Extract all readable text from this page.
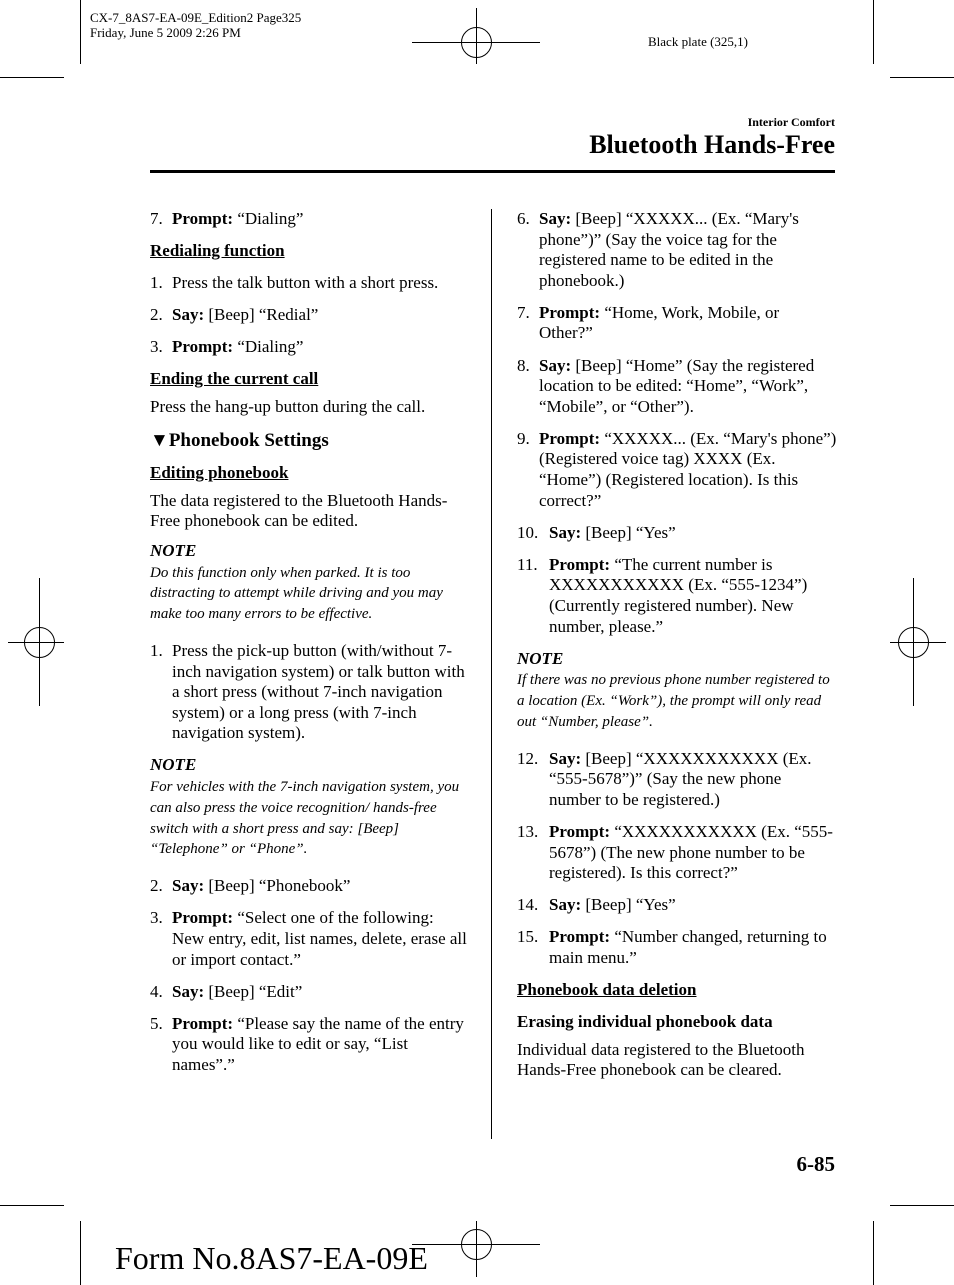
CX-7_8AS7-EA-09E_Edition2 Page325
Friday, June 5 2009 2:26 PM
Black plate (325,1)
Interior Comfort
Bluetooth Hands-Free
7. Prompt: “Dialing”
Redialing function
1. Press the talk button with a short press.
2. Say: [Beep] “Redial”
3. Prompt: “Dialing”
Ending the current call
Press the hang-up button during the call.
▼Phonebook Settings
Editing phonebook
The data registered to the Bluetooth Hands-Free phonebook can be edited.
NOTE
Do this function only when parked. It is too distracting to attempt while driving and you may make too many errors to be effective.
1. Press the pick-up button (with/without 7-inch navigation system) or talk button with a short press (without 7-inch navigation system) or a long press (with 7-inch navigation system).
NOTE
For vehicles with the 7-inch navigation system, you can also press the voice recognition/ hands-free switch with a short press and say: [Beep] “Telephone” or “Phone”.
2. Say: [Beep] “Phonebook”
3. Prompt: “Select one of the following: New entry, edit, list names, delete, erase all or import contact.”
4. Say: [Beep] “Edit”
5. Prompt: “Please say the name of the entry you would like to edit or say, “List names”.”
6. Say: [Beep] “XXXXX... (Ex. “Mary's phone”)” (Say the voice tag for the registered name to be edited in the phonebook.)
7. Prompt: “Home, Work, Mobile, or Other?”
8. Say: [Beep] “Home” (Say the registered location to be edited: “Home”, “Work”, “Mobile”, or “Other”).
9. Prompt: “XXXXX... (Ex. “Mary's phone”) (Registered voice tag) XXXX (Ex. “Home”) (Registered location). Is this correct?”
10. Say: [Beep] “Yes”
11. Prompt: “The current number is XXXXXXXXXXX (Ex. “555-1234”) (Currently registered number). New number, please.”
NOTE
If there was no previous phone number registered to a location (Ex. “Work”), the prompt will only read out “Number, please”.
12. Say: [Beep] “XXXXXXXXXXX (Ex. “555-5678”)” (Say the new phone number to be registered.)
13. Prompt: “XXXXXXXXXXX (Ex. “555-5678”) (The new phone number to be registered). Is this correct?”
14. Say: [Beep] “Yes”
15. Prompt: “Number changed, returning to main menu.”
Phonebook data deletion
Erasing individual phonebook data
Individual data registered to the Bluetooth Hands-Free phonebook can be cleared.
6-85
Form No.8AS7-EA-09E
